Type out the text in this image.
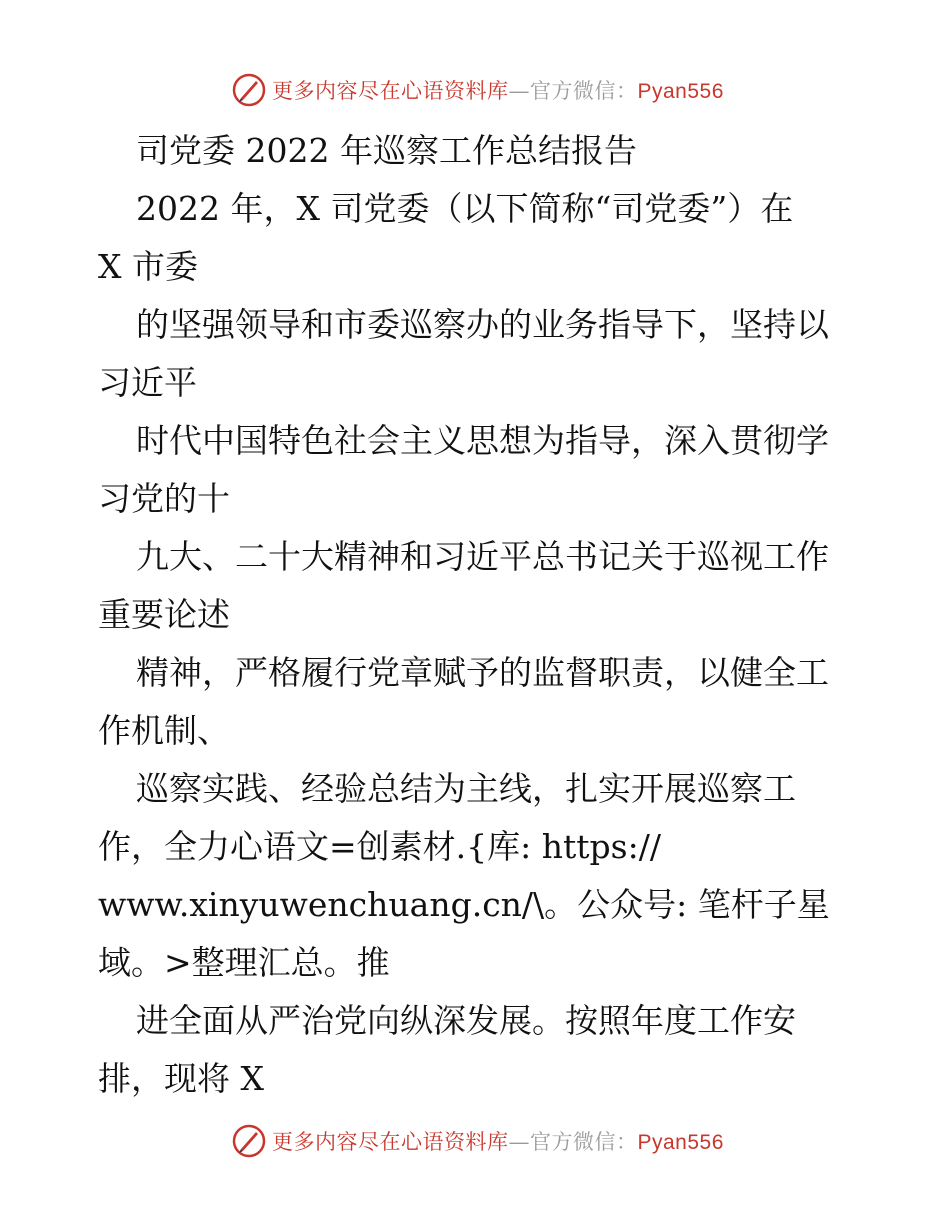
更多内容尽在心语资料库—官方微信：Pyan556
司党委 2022 年巡察工作总结报告
2022 年，X 司党委（以下简称“司党委”）在
X 市委
的坚强领导和市委巡察办的业务指导下，坚持以
习近平
时代中国特色社会主义思想为指导，深入贯彻学
习党的十
九大、二十大精神和习近平总书记关于巡视工作
重要论述
精神，严格履行党章赋予的监督职责，以健全工
作机制、
巡察实践、经验总结为主线，扎实开展巡察工
作，全力心语文=创素材.{库: https://
www.xinyuwenchuang.cn/\。公众号: 笔杆子星
域。>整理汇总。推
进全面从严治党向纵深发展。按照年度工作安
排，现将 X
更多内容尽在心语资料库—官方微信：Pyan556
